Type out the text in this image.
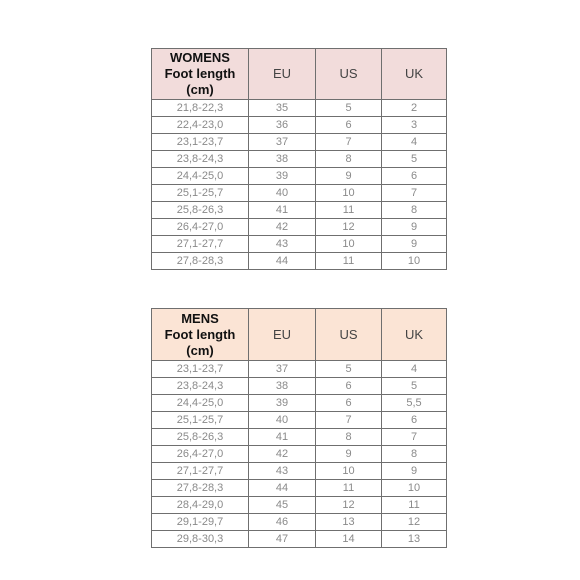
WOMENS
Foot length
(cm)	EU	US	UK
21,8-22,3	35	5	2
22,4-23,0	36	6	3
23,1-23,7	37	7	4
23,8-24,3	38	8	5
24,4-25,0	39	9	6
25,1-25,7	40	10	7
25,8-26,3	41	11	8
26,4-27,0	42	12	9
27,1-27,7	43	10	9
27,8-28,3	44	11	10
MENS
Foot length
(cm)	EU	US	UK
23,1-23,7	37	5	4
23,8-24,3	38	6	5
24,4-25,0	39	6	5,5
25,1-25,7	40	7	6
25,8-26,3	41	8	7
26,4-27,0	42	9	8
27,1-27,7	43	10	9
27,8-28,3	44	11	10
28,4-29,0	45	12	11
29,1-29,7	46	13	12
29,8-30,3	47	14	13
